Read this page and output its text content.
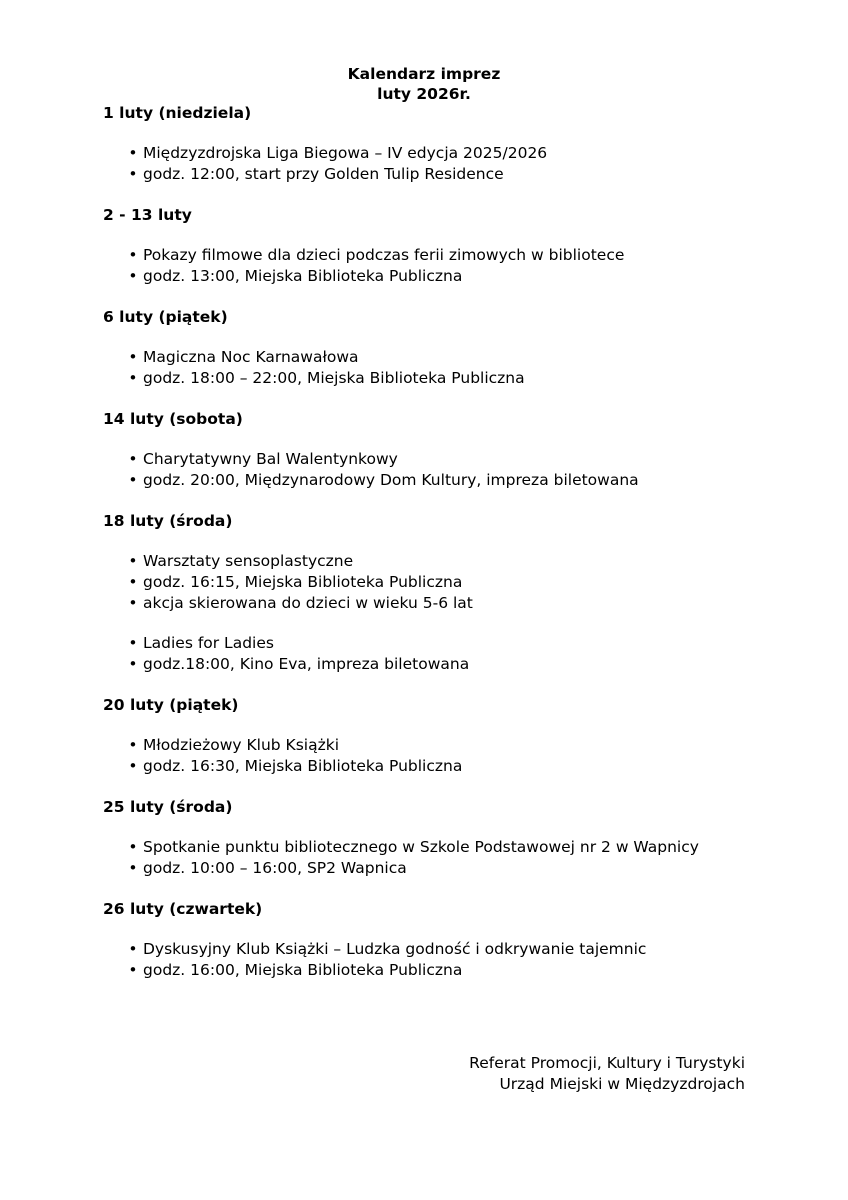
Kalendarz imprez
luty 2026r.
1 luty (niedziela)
• Międzyzdrojska Liga Biegowa – IV edycja 2025/2026
• godz. 12:00, start przy Golden Tulip Residence
2 - 13 luty
• Pokazy filmowe dla dzieci podczas ferii zimowych w bibliotece
• godz. 13:00, Miejska Biblioteka Publiczna
6 luty (piątek)
• Magiczna Noc Karnawałowa
• godz. 18:00 – 22:00, Miejska Biblioteka Publiczna
14 luty (sobota)
• Charytatywny Bal Walentynkowy
• godz. 20:00, Międzynarodowy Dom Kultury, impreza biletowana
18 luty (środa)
• Warsztaty sensoplastyczne
• godz. 16:15, Miejska Biblioteka Publiczna
• akcja skierowana do dzieci w wieku 5-6 lat
• Ladies for Ladies
• godz.18:00, Kino Eva, impreza biletowana
20 luty (piątek)
• Młodzieżowy Klub Książki
• godz. 16:30, Miejska Biblioteka Publiczna
25 luty (środa)
• Spotkanie punktu bibliotecznego w Szkole Podstawowej nr 2 w Wapnicy
• godz. 10:00 – 16:00, SP2 Wapnica
26 luty (czwartek)
• Dyskusyjny Klub Książki – Ludzka godność i odkrywanie tajemnic
• godz. 16:00, Miejska Biblioteka Publiczna
Referat Promocji, Kultury i Turystyki
Urząd Miejski w Międzyzdrojach
